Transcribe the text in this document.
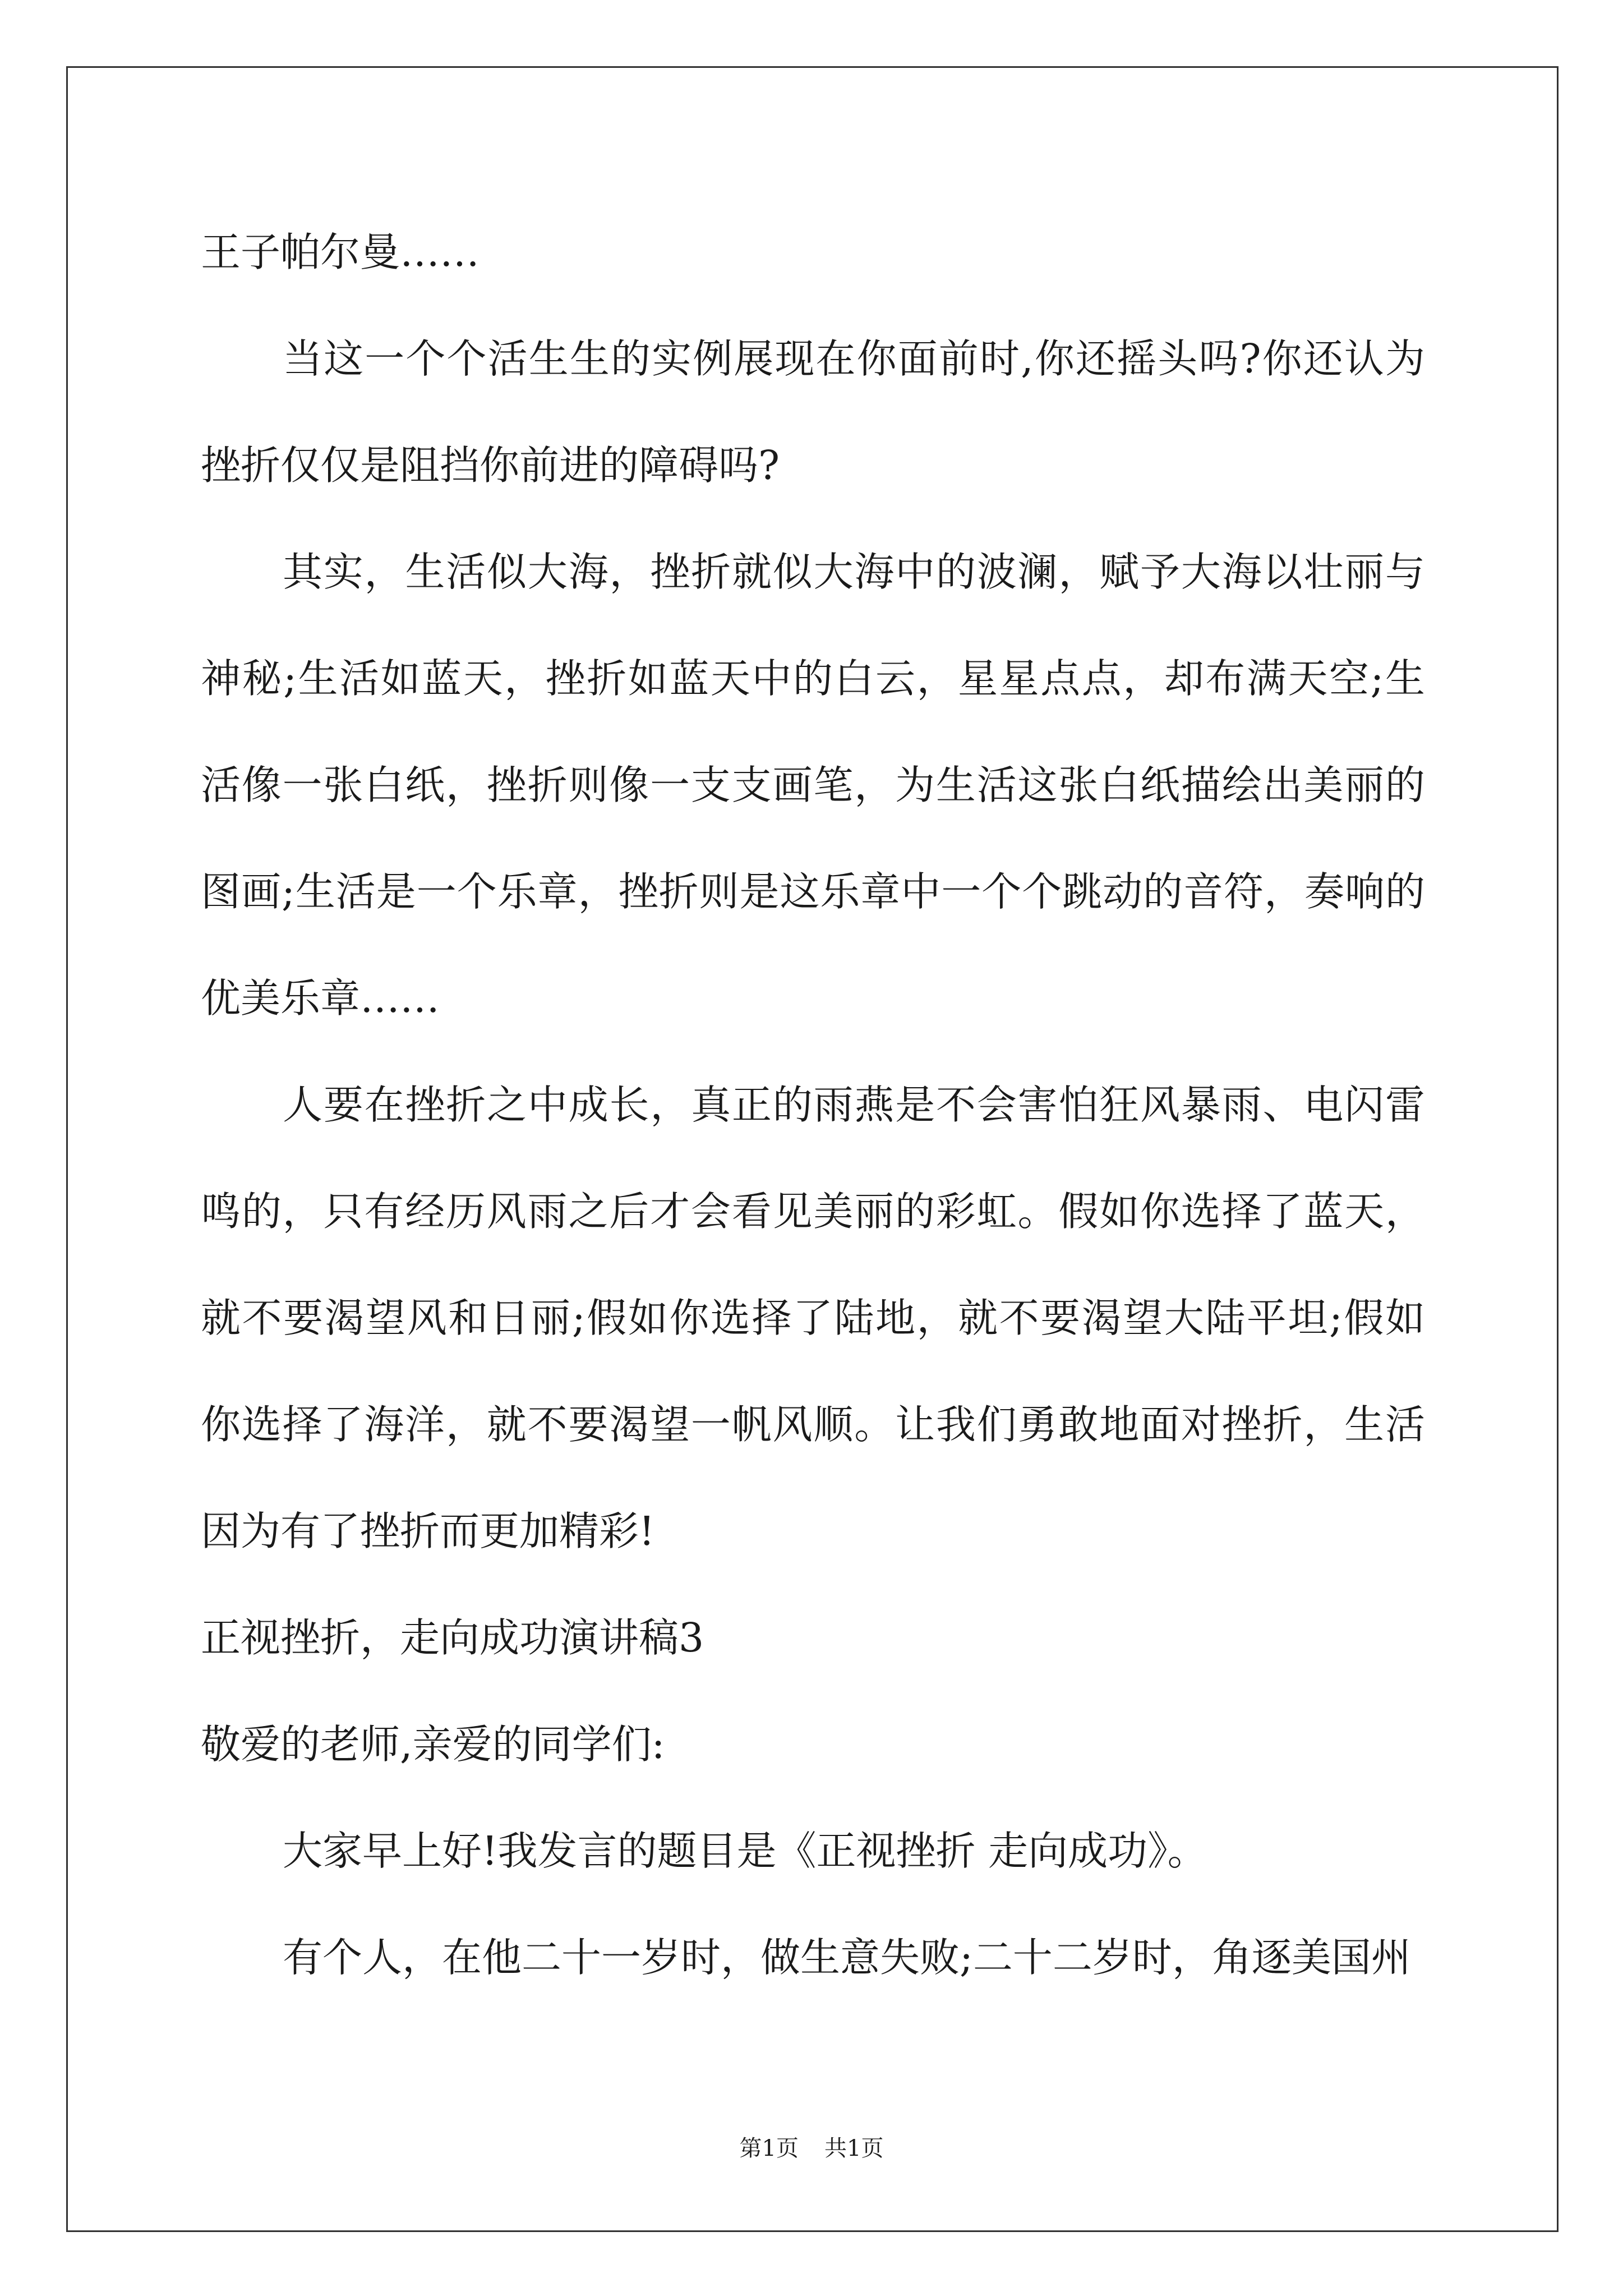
王子帕尔曼……
当这一个个活生生的实例展现在你面前时,你还摇头吗?你还认为
挫折仅仅是阻挡你前进的障碍吗?
其实，生活似大海，挫折就似大海中的波澜，赋予大海以壮丽与
神秘;生活如蓝天，挫折如蓝天中的白云，星星点点，却布满天空;生
活像一张白纸，挫折则像一支支画笔，为生活这张白纸描绘出美丽的
图画;生活是一个乐章，挫折则是这乐章中一个个跳动的音符，奏响的
优美乐章……
人要在挫折之中成长，真正的雨燕是不会害怕狂风暴雨、电闪雷
鸣的，只有经历风雨之后才会看见美丽的彩虹。假如你选择了蓝天，
就不要渴望风和日丽;假如你选择了陆地，就不要渴望大陆平坦;假如
你选择了海洋，就不要渴望一帆风顺。让我们勇敢地面对挫折，生活
因为有了挫折而更加精彩!
正视挫折，走向成功演讲稿3
敬爱的老师,亲爱的同学们:
大家早上好!我发言的题目是《正视挫折 走向成功》。
有个人，在他二十一岁时，做生意失败;二十二岁时，角逐美国州
第1页 共1页
